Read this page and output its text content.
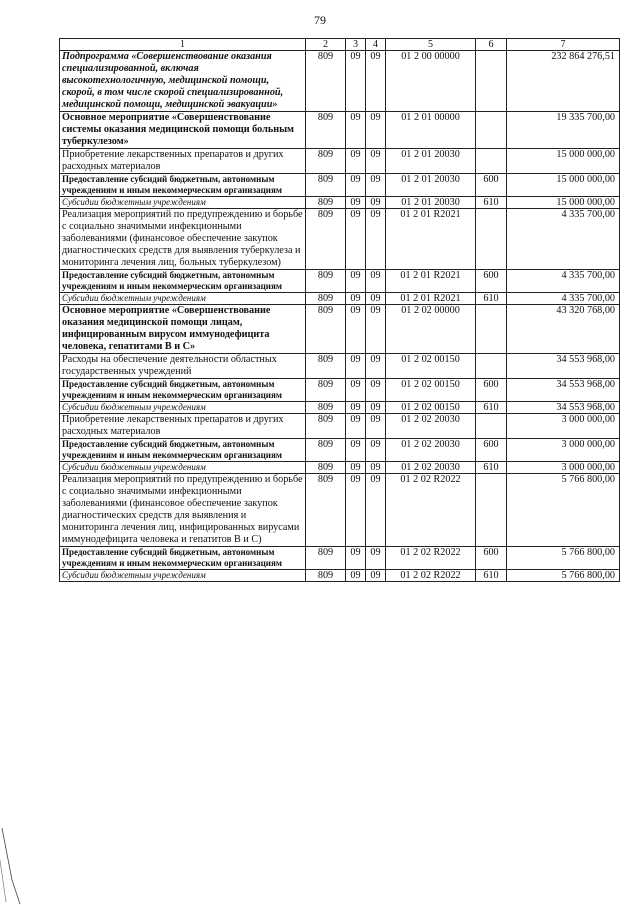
79
1	2	3	4	5	6	7
Подпрограмма «Совершенствование оказания специализированной, включая высокотехнологичную, медицинской помощи, скорой, в том числе скорой специализированной, медицинской помощи, медицинской эвакуации»	809	09	09	01 2 00 00000		232 864 276,51
Основное мероприятие «Совершенствование системы оказания медицинской помощи больным туберкулезом»	809	09	09	01 2 01 00000		19 335 700,00
Приобретение лекарственных препаратов и других расходных материалов	809	09	09	01 2 01 20030		15 000 000,00
Предоставление субсидий бюджетным, автономным учреждениям и иным некоммерческим организациям	809	09	09	01 2 01 20030	600	15 000 000,00
Субсидии бюджетным учреждениям	809	09	09	01 2 01 20030	610	15 000 000,00
Реализация мероприятий по предупреждению и борьбе с социально значимыми инфекционными заболеваниями (финансовое обеспечение закупок диагностических средств для выявления туберкулеза и мониторинга лечения лиц, больных туберкулезом)	809	09	09	01 2 01 R2021		4 335 700,00
Предоставление субсидий бюджетным, автономным учреждениям и иным некоммерческим организациям	809	09	09	01 2 01 R2021	600	4 335 700,00
Субсидии бюджетным учреждениям	809	09	09	01 2 01 R2021	610	4 335 700,00
Основное мероприятие «Совершенствование оказания медицинской помощи лицам, инфицированным вирусом иммунодефицита человека, гепатитами В и С»	809	09	09	01 2 02 00000		43 320 768,00
Расходы на обеспечение деятельности областных государственных учреждений	809	09	09	01 2 02 00150		34 553 968,00
Предоставление субсидий бюджетным, автономным учреждениям и иным некоммерческим организациям	809	09	09	01 2 02 00150	600	34 553 968,00
Субсидии бюджетным учреждениям	809	09	09	01 2 02 00150	610	34 553 968,00
Приобретение лекарственных препаратов и других расходных материалов	809	09	09	01 2 02 20030		3 000 000,00
Предоставление субсидий бюджетным, автономным учреждениям и иным некоммерческим организациям	809	09	09	01 2 02 20030	600	3 000 000,00
Субсидии бюджетным учреждениям	809	09	09	01 2 02 20030	610	3 000 000,00
Реализация мероприятий по предупреждению и борьбе с социально значимыми инфекционными заболеваниями (финансовое обеспечение закупок диагностических средств для выявления и мониторинга лечения лиц, инфицированных вирусами иммунодефицита человека и гепатитов В и С)	809	09	09	01 2 02 R2022		5 766 800,00
Предоставление субсидий бюджетным, автономным учреждениям и иным некоммерческим организациям	809	09	09	01 2 02 R2022	600	5 766 800,00
Субсидии бюджетным учреждениям	809	09	09	01 2 02 R2022	610	5 766 800,00
